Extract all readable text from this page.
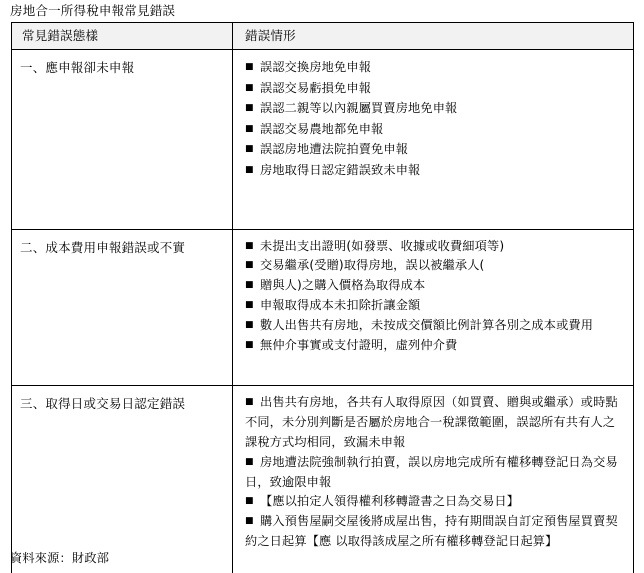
房地合一所得稅申報常見錯誤
常見錯誤態樣	錯誤情形

一、應申報卻未申報	■ 誤認交換房地免申報

■ 誤認交易虧損免申報

■ 誤認二親等以內親屬買賣房地免申報

■ 誤認交易農地都免申報

■ 誤認房地遭法院拍賣免申報

■ 房地取得日認定錯誤致未申報

二、成本費用申報錯誤或不實	■ 未提出支出證明(如發票、收據或收費細項等)

■ 交易繼承(受贈)取得房地，誤以被繼承人(

■ 贈與人)之購入價格為取得成本

■ 申報取得成本未扣除折讓金額

■ 數人出售共有房地，未按成交價額比例計算各別之成本或費用

■ 無仲介事實或支付證明，虛列仲介費

三、取得日或交易日認定錯誤	■ 出售共有房地，各共有人取得原因（如買賣、贈與或繼承）或時點不同，未分別判斷是否屬於房地合一稅課徵範圍，誤認所有共有人之課稅方式均相同，致漏未申報

■ 房地遭法院強制執行拍賣，誤以房地完成所有權移轉登記日為交易日，致逾限申報

■ 【應以拍定人領得權利移轉證書之日為交易日】

■ 購入預售屋嗣交屋後將成屋出售，持有期間誤自訂定預售屋買賣契約之日起算【應 以取得該成屋之所有權移轉登記日起算】

資料來源：財政部
